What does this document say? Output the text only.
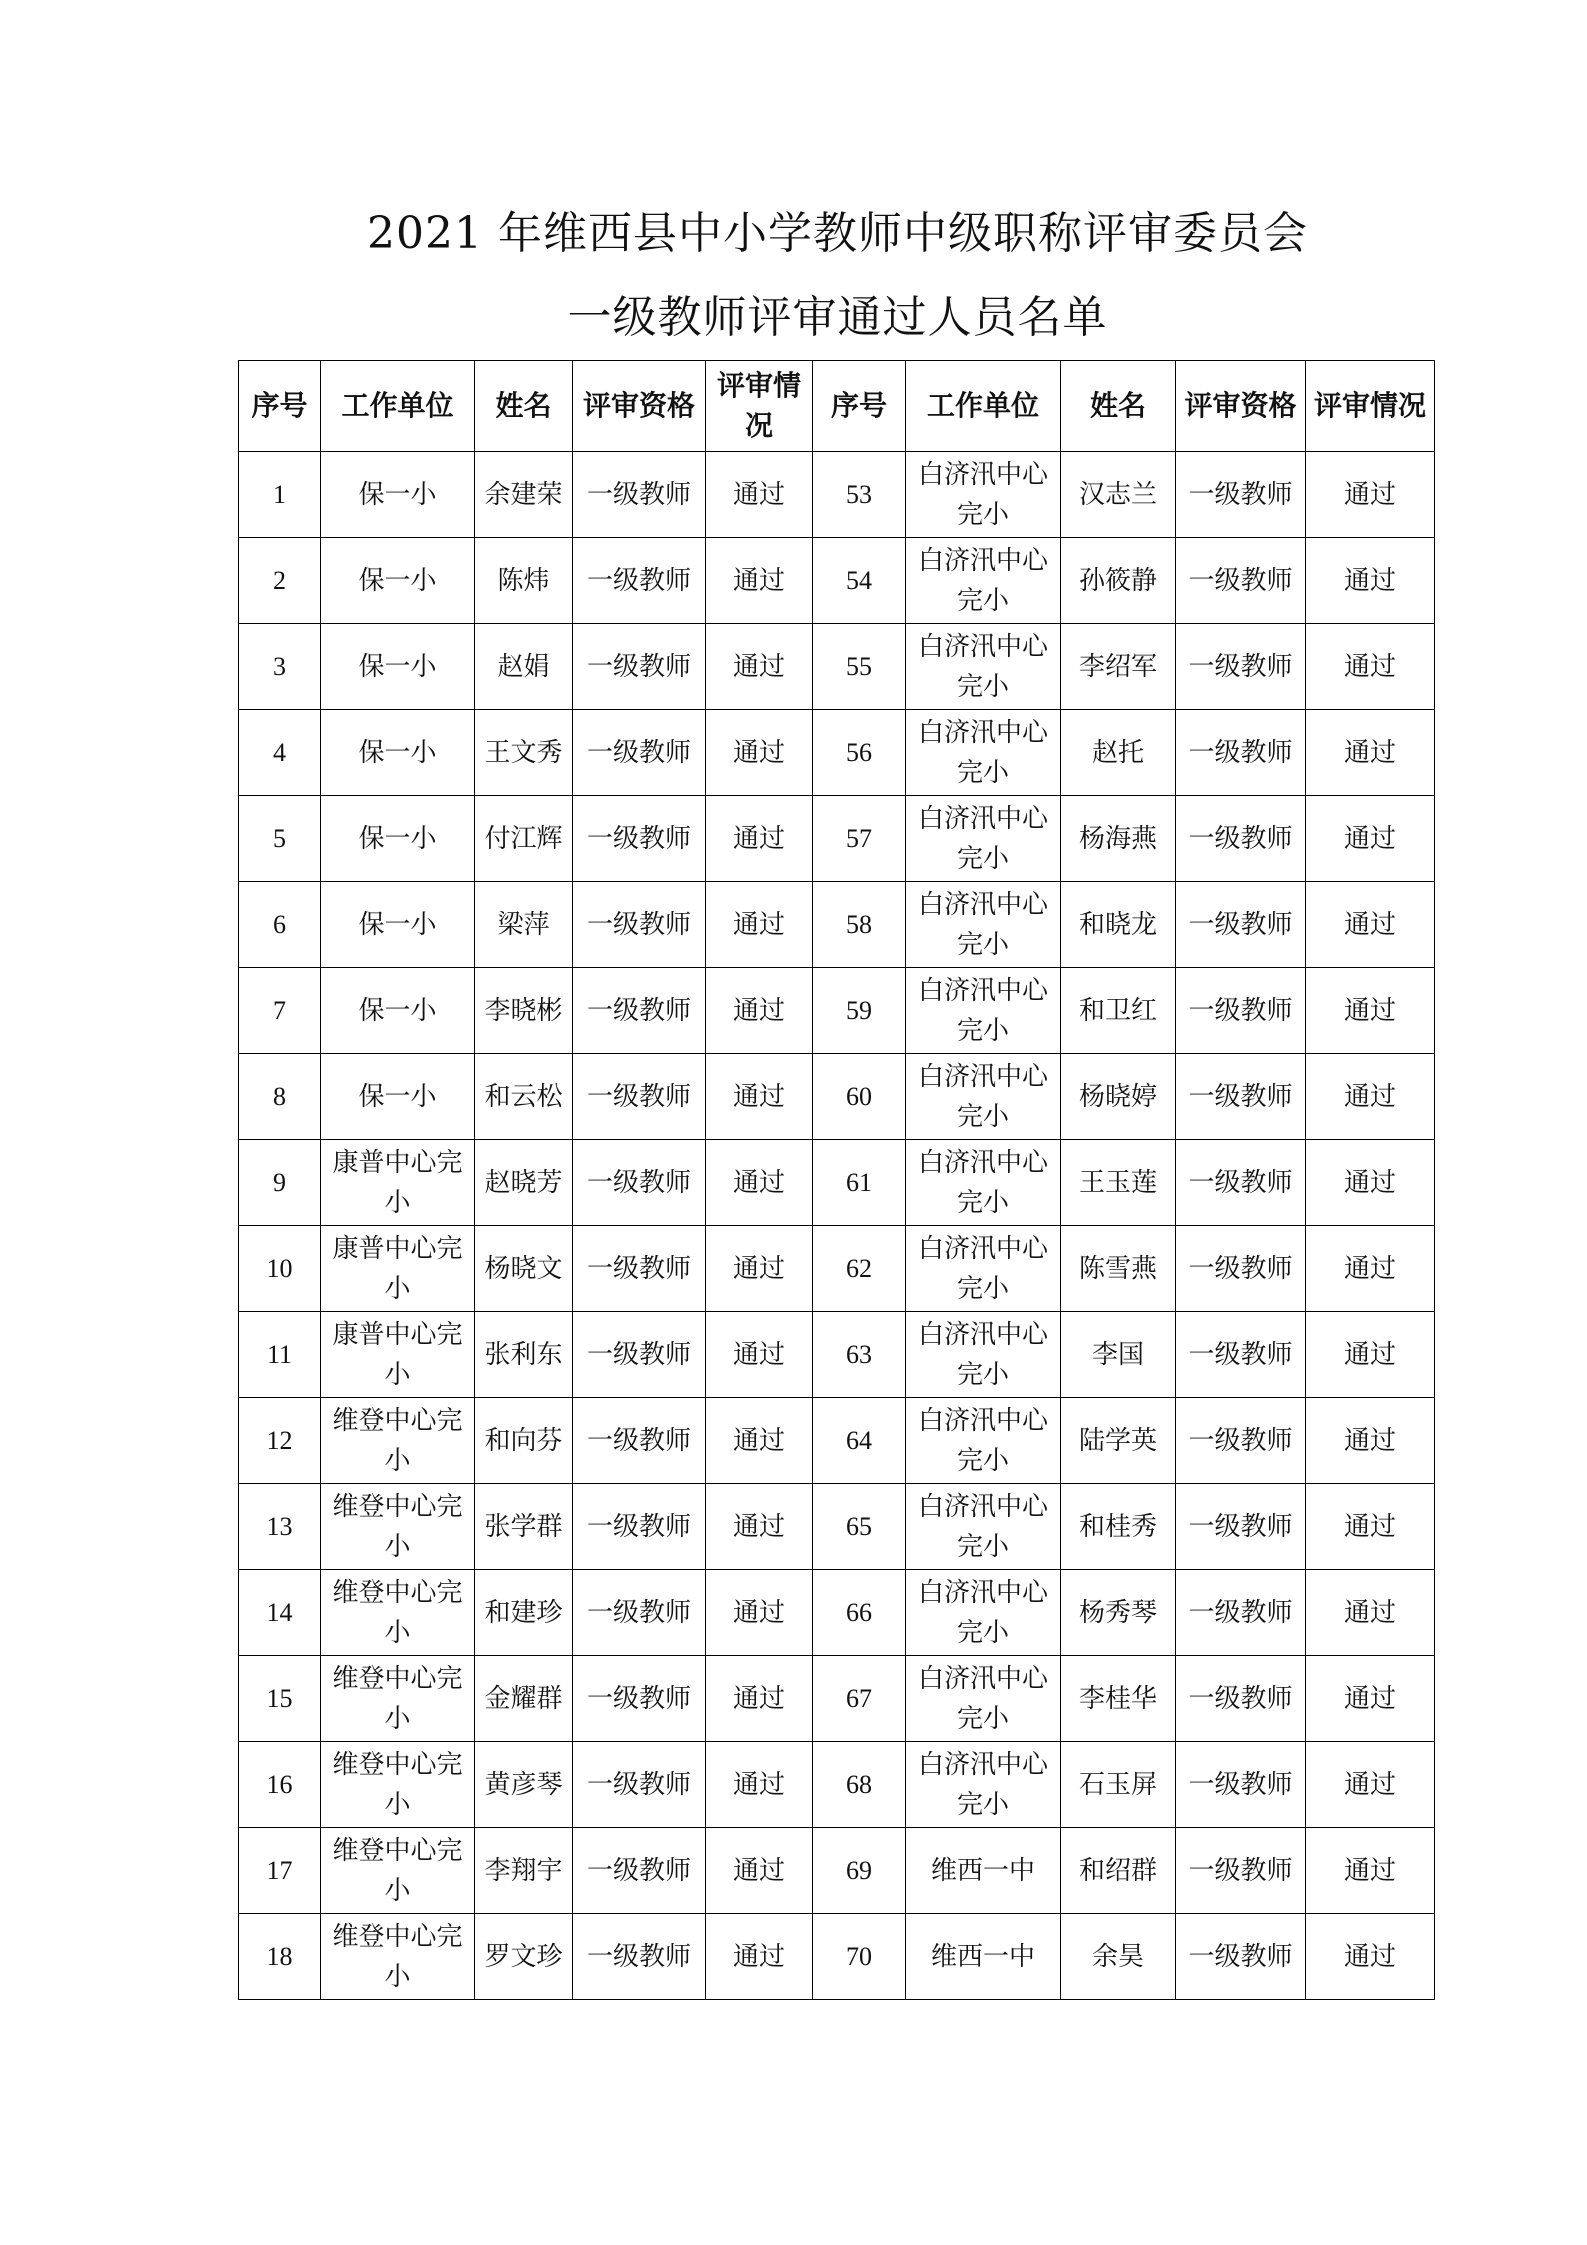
2021 年维西县中小学教师中级职称评审委员会
一级教师评审通过人员名单
序号	工作单位	姓名	评审资格	评审情况	序号	工作单位	姓名	评审资格	评审情况
1	保一小	余建荣	一级教师	通过	53	白济汛中心完小	汉志兰	一级教师	通过
2	保一小	陈炜	一级教师	通过	54	白济汛中心完小	孙筱静	一级教师	通过
3	保一小	赵娟	一级教师	通过	55	白济汛中心完小	李绍军	一级教师	通过
4	保一小	王文秀	一级教师	通过	56	白济汛中心完小	赵托	一级教师	通过
5	保一小	付江辉	一级教师	通过	57	白济汛中心完小	杨海燕	一级教师	通过
6	保一小	梁萍	一级教师	通过	58	白济汛中心完小	和晓龙	一级教师	通过
7	保一小	李晓彬	一级教师	通过	59	白济汛中心完小	和卫红	一级教师	通过
8	保一小	和云松	一级教师	通过	60	白济汛中心完小	杨晓婷	一级教师	通过
9	康普中心完小	赵晓芳	一级教师	通过	61	白济汛中心完小	王玉莲	一级教师	通过
10	康普中心完小	杨晓文	一级教师	通过	62	白济汛中心完小	陈雪燕	一级教师	通过
11	康普中心完小	张利东	一级教师	通过	63	白济汛中心完小	李国	一级教师	通过
12	维登中心完小	和向芬	一级教师	通过	64	白济汛中心完小	陆学英	一级教师	通过
13	维登中心完小	张学群	一级教师	通过	65	白济汛中心完小	和桂秀	一级教师	通过
14	维登中心完小	和建珍	一级教师	通过	66	白济汛中心完小	杨秀琴	一级教师	通过
15	维登中心完小	金耀群	一级教师	通过	67	白济汛中心完小	李桂华	一级教师	通过
16	维登中心完小	黄彦琴	一级教师	通过	68	白济汛中心完小	石玉屏	一级教师	通过
17	维登中心完小	李翔宇	一级教师	通过	69	维西一中	和绍群	一级教师	通过
18	维登中心完小	罗文珍	一级教师	通过	70	维西一中	余昊	一级教师	通过
